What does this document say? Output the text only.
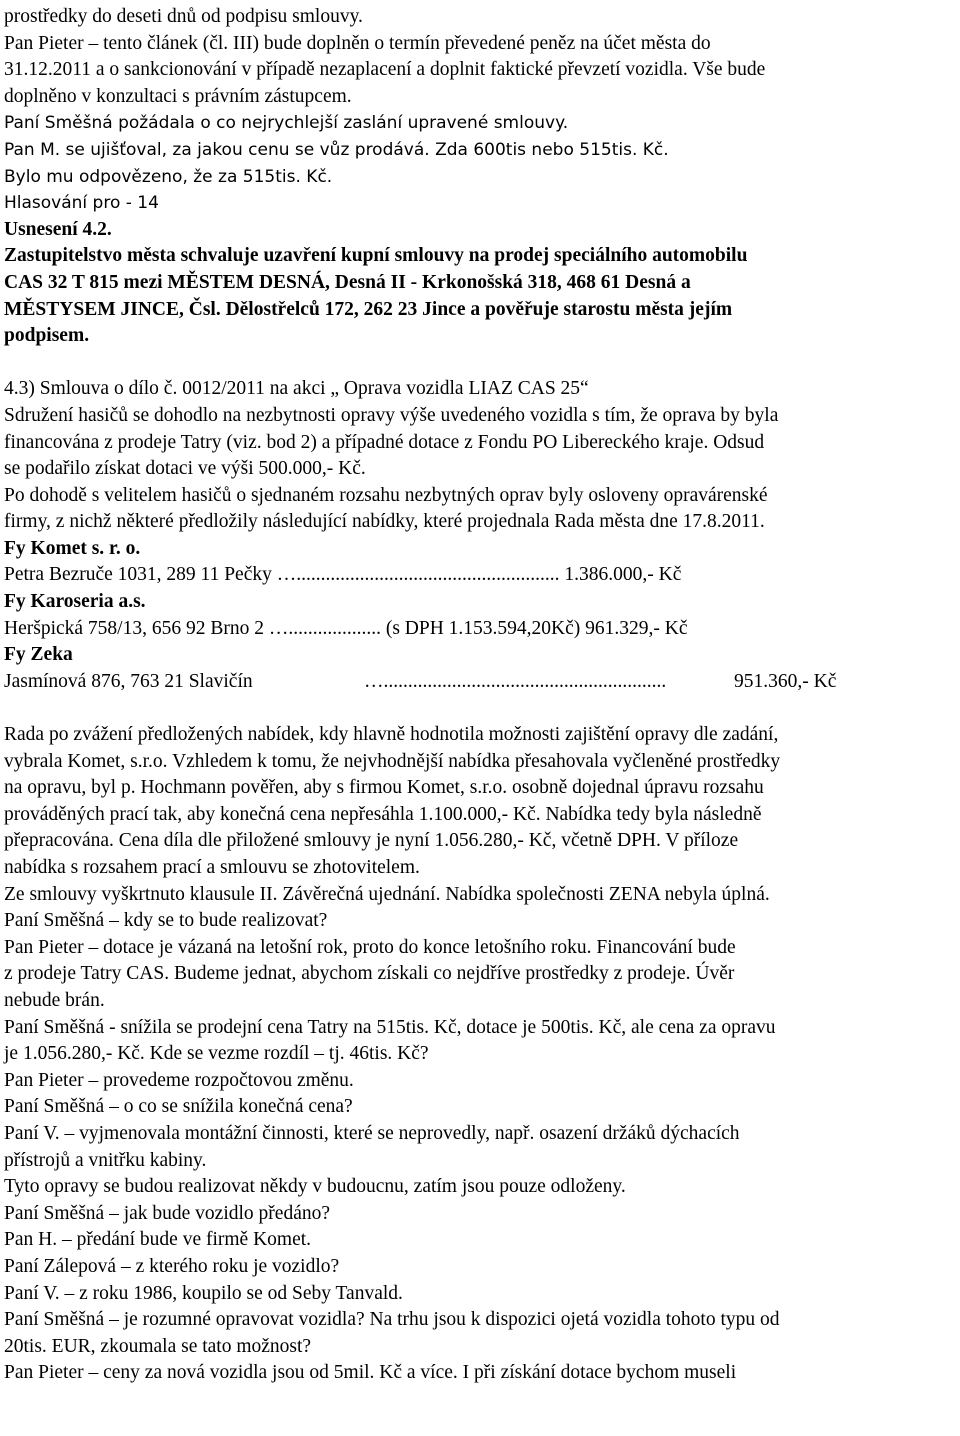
prostředky do deseti dnů od podpisu smlouvy.
Pan Pieter – tento článek (čl. III) bude doplněn o termín převedené peněz na účet města do
31.12.2011 a o sankcionování v případě nezaplacení a doplnit faktické převzetí vozidla. Vše bude
doplněno v konzultaci s právním zástupcem.
Paní Směšná požádala o co nejrychlejší zaslání upravené smlouvy.
Pan M. se ujišťoval, za jakou cenu se vůz prodává. Zda 600tis nebo 515tis. Kč.
Bylo mu odpovězeno, že za 515tis. Kč.
Hlasování pro - 14
Usnesení 4.2.
Zastupitelstvo města schvaluje uzavření kupní smlouvy na prodej speciálního automobilu
CAS 32 T 815 mezi MĚSTEM DESNÁ, Desná II - Krkonošská 318, 468 61 Desná a
MĚSTYSEM JINCE, Čsl. Dělostřelců 172, 262 23 Jince a pověřuje starostu města jejím
podpisem.
4.3) Smlouva o dílo č. 0012/2011 na akci „ Oprava vozidla LIAZ CAS 25“
Sdružení hasičů se dohodlo na nezbytnosti opravy výše uvedeného vozidla s tím, že oprava by byla
financována z prodeje Tatry (viz. bod 2) a případné dotace z Fondu PO Libereckého kraje. Odsud
se podařilo získat dotaci ve výši 500.000,- Kč.
Po dohodě s velitelem hasičů o sjednaném rozsahu nezbytných oprav byly osloveny opravárenské
firmy, z nichž některé předložily následující nabídky, které projednala Rada města dne 17.8.2011.
Fy Komet s. r. o.
Petra Bezruče 1031, 289 11 Pečky …...................................................... 1.386.000,- Kč
Fy Karoseria a.s.
Heršpická 758/13, 656 92 Brno 2 …................... (s DPH 1.153.594,20Kč) 961.329,- Kč
Fy Zeka
Jasmínová 876, 763 21 Slavičín	…..........................................................	951.360,- Kč
Rada po zvážení předložených nabídek, kdy hlavně hodnotila možnosti zajištění opravy dle zadání,
vybrala Komet, s.r.o. Vzhledem k tomu, že nejvhodnější nabídka přesahovala vyčleněné prostředky
na opravu, byl p. Hochmann pověřen, aby s firmou Komet, s.r.o. osobně dojednal úpravu rozsahu
prováděných prací tak, aby konečná cena nepřesáhla 1.100.000,- Kč. Nabídka tedy byla následně
přepracována. Cena díla dle přiložené smlouvy je nyní 1.056.280,- Kč, včetně DPH. V příloze
nabídka s rozsahem prací a smlouvu se zhotovitelem.
Ze smlouvy vyškrtnuto klausule II. Závěrečná ujednání. Nabídka společnosti ZENA nebyla úplná.
Paní Směšná – kdy se to bude realizovat?
Pan Pieter – dotace je vázaná na letošní rok, proto do konce letošního roku. Financování bude
z prodeje Tatry CAS. Budeme jednat, abychom získali co nejdříve prostředky z prodeje. Úvěr
nebude brán.
Paní Směšná - snížila se prodejní cena Tatry na 515tis. Kč, dotace je 500tis. Kč, ale cena za opravu
je 1.056.280,- Kč. Kde se vezme rozdíl – tj. 46tis. Kč?
Pan Pieter – provedeme rozpočtovou změnu.
Paní Směšná – o co se snížila konečná cena?
Paní V. – vyjmenovala montážní činnosti, které se neprovedly, např. osazení držáků dýchacích
přístrojů a vnitřku kabiny.
Tyto opravy se budou realizovat někdy v budoucnu, zatím jsou pouze odloženy.
Paní Směšná – jak bude vozidlo předáno?
Pan H. – předání bude ve firmě Komet.
Paní Zálepová – z kterého roku je vozidlo?
Paní V. – z roku 1986, koupilo se od Seby Tanvald.
Paní Směšná – je rozumné opravovat vozidla? Na trhu jsou k dispozici ojetá vozidla tohoto typu od
20tis. EUR, zkoumala se tato možnost?
Pan Pieter – ceny za nová vozidla jsou od 5mil. Kč a více. I při získání dotace bychom museli
